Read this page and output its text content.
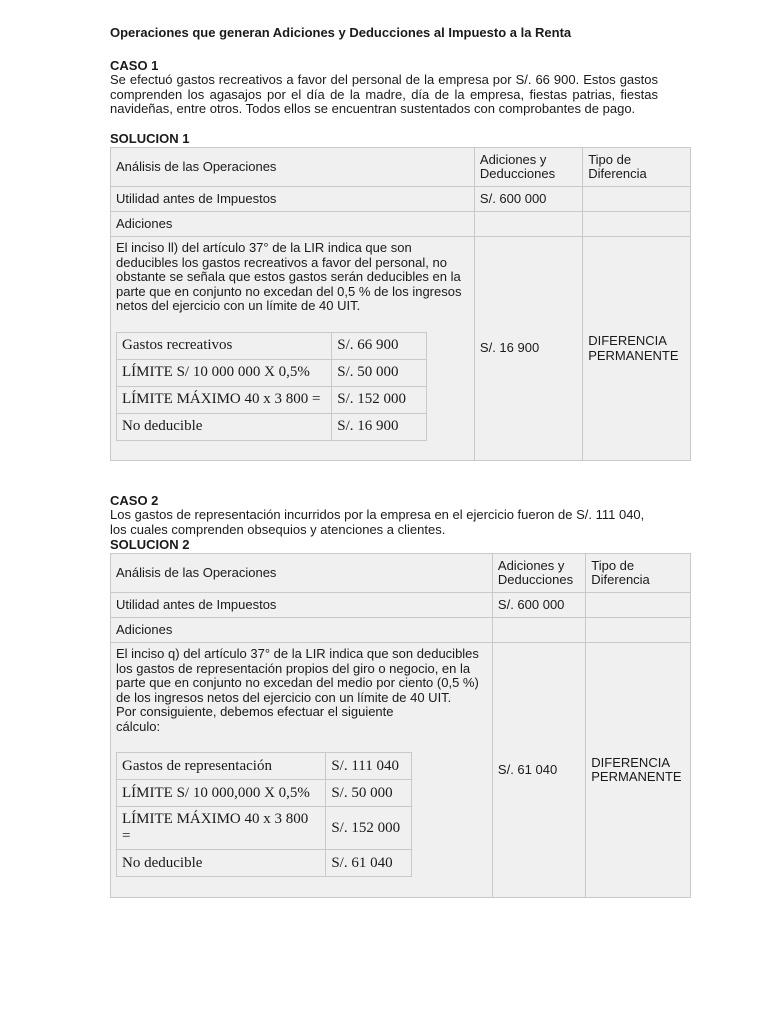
Operaciones que generan Adiciones y Deducciones al Impuesto a la Renta
CASO 1
Se efectuó gastos recreativos a favor del personal de la empresa por S/. 66 900. Estos gastos comprenden los agasajos por el día de la madre, día de la empresa, fiestas patrias, fiestas navideñas, entre otros. Todos ellos se encuentran sustentados con comprobantes de pago.
SOLUCION 1
Análisis de las Operaciones	Adiciones y Deducciones	Tipo de Diferencia
Utilidad antes de Impuestos	S/. 600 000	
Adiciones		

El inciso ll) del artículo 37° de la LIR indica que son deducibles los gastos recreativos a favor del personal, no obstante se señala que estos gastos serán deducibles en la parte que en conjunto no excedan del 0,5 % de los ingresos netos del ejercicio con un límite de 40 UIT.
Gastos recreativos	S/. 66 900
LÍMITE S/ 10 000 000 X 0,5%	S/. 50 000
LÍMITE MÁXIMO 40 x 3 800 =	S/. 152 000
No deducible	S/. 16 900
	S/. 16 900	DIFERENCIA PERMANENTE
CASO 2
Los gastos de representación incurridos por la empresa en el ejercicio fueron de S/. 111 040, los cuales comprenden obsequios y atenciones a clientes.
SOLUCION 2
Análisis de las Operaciones	Adiciones y Deducciones	Tipo de Diferencia
Utilidad antes de Impuestos	S/. 600 000	
Adiciones		

El inciso q) del artículo 37° de la LIR indica que son deducibles los gastos de representación propios del giro o negocio, en la parte que en conjunto no excedan del medio por ciento (0,5 %) de los ingresos netos del ejercicio con un límite de 40 UIT.
Por consiguiente, debemos efectuar el siguiente cálculo:
Gastos de representación	S/. 111 040
LÍMITE S/ 10 000,000 X 0,5%	S/. 50 000
LÍMITE MÁXIMO 40 x 3 800 =	S/. 152 000
No deducible	S/. 61 040
	S/. 61 040	DIFERENCIA PERMANENTE
